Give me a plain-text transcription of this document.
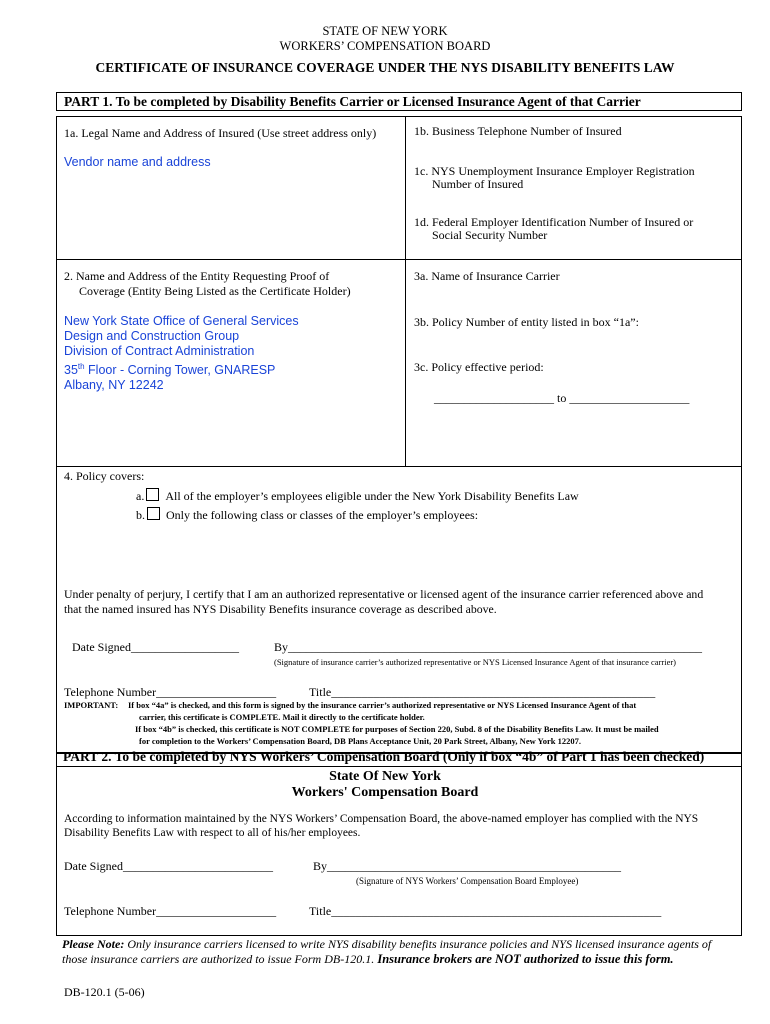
STATE OF NEW YORK
WORKERS’ COMPENSATION BOARD
CERTIFICATE OF INSURANCE COVERAGE UNDER THE NYS DISABILITY BENEFITS LAW
PART 1. To be completed by Disability Benefits Carrier or Licensed Insurance Agent of that Carrier
1a. Legal Name and Address of Insured (Use street address only)
Vendor name and address
1b. Business Telephone Number of Insured
1c. NYS Unemployment Insurance Employer Registration
Number of Insured
1d. Federal Employer Identification Number of Insured or
Social Security Number
2. Name and Address of the Entity Requesting Proof of
Coverage (Entity Being Listed as the Certificate Holder)
New York State Office of General Services
Design and Construction Group
Division of Contract Administration
35th Floor - Corning Tower, GNARESP
Albany, NY 12242
3a. Name of Insurance Carrier
3b. Policy Number of entity listed in box “1a”:
3c. Policy effective period:
____________________ to ____________________
4. Policy covers:
a. All of the employer’s employees eligible under the New York Disability Benefits Law
b. Only the following class or classes of the employer’s employees:
Under penalty of perjury, I certify that I am an authorized representative or licensed agent of the insurance carrier referenced above and
that the named insured has NYS Disability Benefits insurance coverage as described above.
Date Signed__________________	By_____________________________________________________________________
(Signature of insurance carrier’s authorized representative or NYS Licensed Insurance Agent of that insurance carrier)
Telephone Number____________________	Title______________________________________________________
IMPORTANT: If box “4a” is checked, and this form is signed by the insurance carrier’s authorized representative or NYS Licensed Insurance Agent of that
carrier, this certificate is COMPLETE. Mail it directly to the certificate holder.
If box “4b” is checked, this certificate is NOT COMPLETE for purposes of Section 220, Subd. 8 of the Disability Benefits Law. It must be mailed
for completion to the Workers’ Compensation Board, DB Plans Acceptance Unit, 20 Park Street, Albany, New York 12207.
PART 2. To be completed by NYS Workers’ Compensation Board (Only if box “4b” of Part 1 has been checked)
State Of New York
Workers' Compensation Board
According to information maintained by the NYS Workers’ Compensation Board, the above-named employer has complied with the NYS
Disability Benefits Law with respect to all of his/her employees.
Date Signed_________________________	By_________________________________________________
(Signature of NYS Workers’ Compensation Board Employee)
Telephone Number____________________	Title_______________________________________________________
Please Note: Only insurance carriers licensed to write NYS disability benefits insurance policies and NYS licensed insurance agents of
those insurance carriers are authorized to issue Form DB-120.1. Insurance brokers are NOT authorized to issue this form.
DB-120.1 (5-06)
